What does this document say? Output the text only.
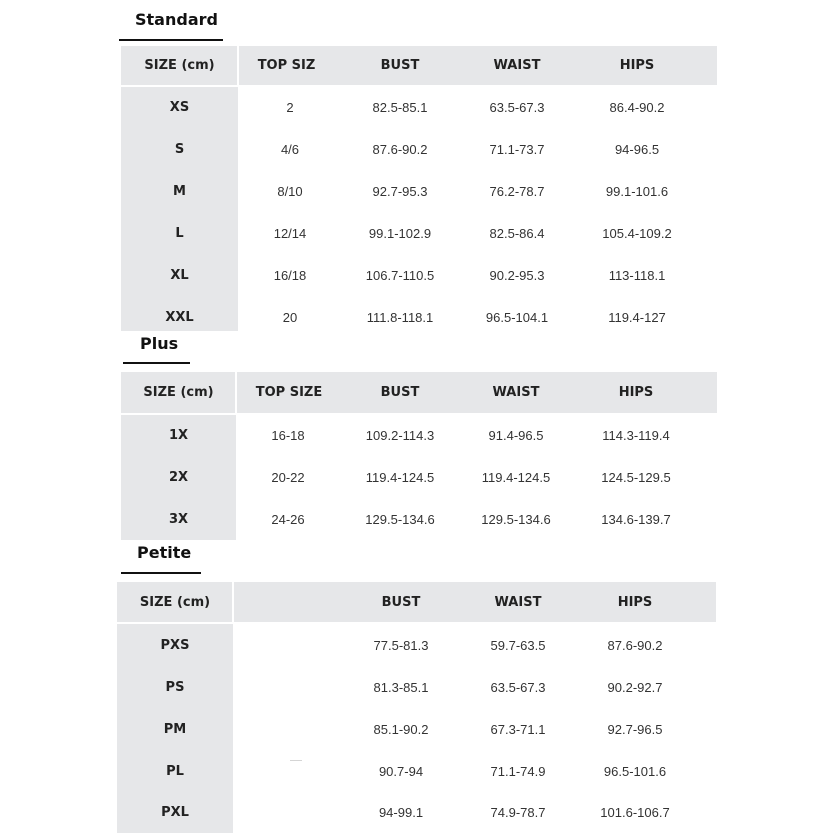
Standard
SIZE (cm)	TOP SIZ	BUST	WAIST	HIPS
XS	2	82.5-85.1	63.5-67.3	86.4-90.2
S	4/6	87.6-90.2	71.1-73.7	94-96.5
M	8/10	92.7-95.3	76.2-78.7	99.1-101.6
L	12/14	99.1-102.9	82.5-86.4	105.4-109.2
XL	16/18	106.7-110.5	90.2-95.3	113-118.1
XXL	20	111.8-118.1	96.5-104.1	119.4-127
Plus
SIZE (cm)	TOP SIZE	BUST	WAIST	HIPS
1X	16-18	109.2-114.3	91.4-96.5	114.3-119.4
2X	20-22	119.4-124.5	119.4-124.5	124.5-129.5
3X	24-26	129.5-134.6	129.5-134.6	134.6-139.7
Petite
SIZE (cm)	BUST	WAIST	HIPS
PXS	77.5-81.3	59.7-63.5	87.6-90.2
PS	81.3-85.1	63.5-67.3	90.2-92.7
PM	85.1-90.2	67.3-71.1	92.7-96.5
PL	90.7-94	71.1-74.9	96.5-101.6
PXL	94-99.1	74.9-78.7	101.6-106.7
